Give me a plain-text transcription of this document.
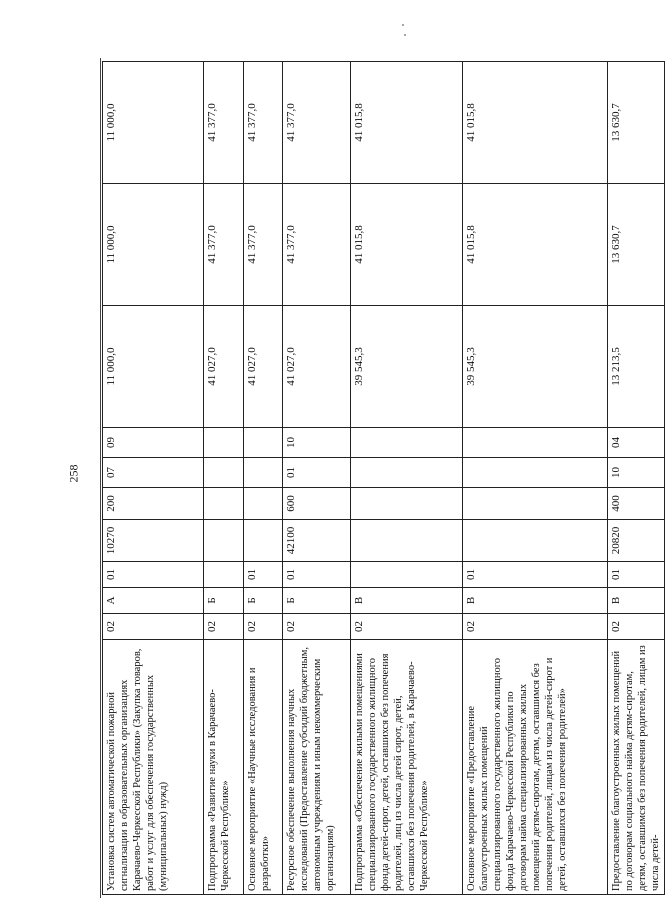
258
Установка систем автоматической пожарной сигнализации в образовательных организациях Карачаево-Черкесской Республики» (Закупка товаров, работ и услуг для обеспечения государственных (муниципальных) нужд)	02	А	01	10270	200	07	09	11 000,0	11 000,0	11 000,0
Подпрограмма «Развитие науки в Карачаево-Черкесской Республике»	02	Б						41 027,0	41 377,0	41 377,0
Основное мероприятие «Научные исследования и разработки»	02	Б	01					41 027,0	41 377,0	41 377,0
Ресурсное обеспечение выполнения научных исследований (Предоставление субсидий бюджетным, автономным учреждениям и иным некоммерческим организациям)	02	Б	01	42100	600	01	10	41 027,0	41 377,0	41 377,0
Подпрограмма «Обеспечение жилыми помещениями специализированного государственного жилищного фонда детей-сирот, детей, оставшихся без попечения родителей, лиц из числа детей сирот, детей, оставшихся без попечения родителей, в Карачаево-Черкесской Республике»	02	В						39 545,3	41 015,8	41 015,8
Основное мероприятие «Предоставление благоустроенных жилых помещений специализированного государственного жилищного фонда Карачаево-Черкесской Республики по договорам найма специализированных жилых помещений детям-сиротам, детям, оставшимся без попечения родителей, лицам из числа детей-сирот и детей, оставшихся без попечения родителей»	02	В	01					39 545,3	41 015,8	41 015,8
Предоставление благоустроенных жилых помещений по договорам социального найма детям-сиротам, детям, оставшимся без попечения родителей, лицам из числа детей-	02	В	01	20820	400	10	04	13 213,5	13 630,7	13 630,7
